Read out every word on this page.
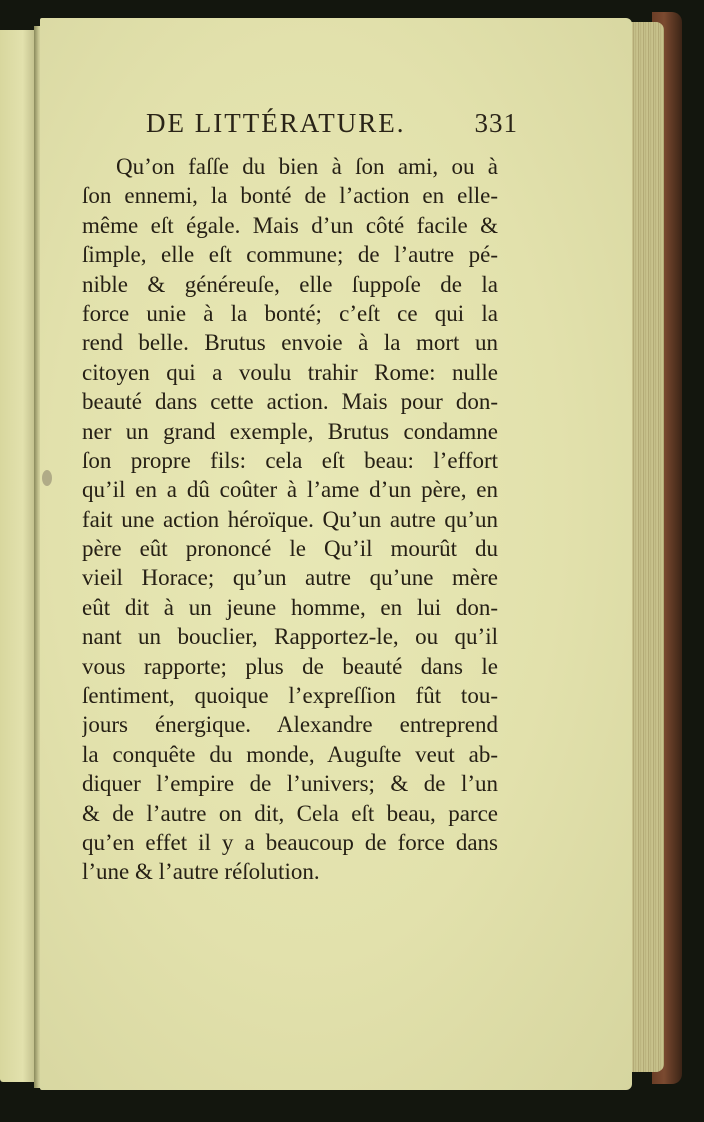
DE LITTÉRATURE.	331
Qu’on faſſe du bien à ſon ami, ou à
ſon ennemi, la bonté de l’action en elle-
même eſt égale. Mais d’un côté facile &
ſimple, elle eſt commune; de l’autre pé-
nible & généreuſe, elle ſuppoſe de la
force unie à la bonté; c’eſt ce qui la
rend belle. Brutus envoie à la mort un
citoyen qui a voulu trahir Rome: nulle
beauté dans cette action. Mais pour don-
ner un grand exemple, Brutus condamne
ſon propre fils: cela eſt beau: l’effort
qu’il en a dû coûter à l’ame d’un père, en
fait une action héroïque. Qu’un autre qu’un
père eût prononcé le Qu’il mourût du
vieil Horace; qu’un autre qu’une mère
eût dit à un jeune homme, en lui don-
nant un bouclier, Rapportez-le, ou qu’il
vous rapporte; plus de beauté dans le
ſentiment, quoique l’expreſſion fût tou-
jours énergique. Alexandre entreprend
la conquête du monde, Auguſte veut ab-
diquer l’empire de l’univers; & de l’un
& de l’autre on dit, Cela eſt beau, parce
qu’en effet il y a beaucoup de force dans
l’une & l’autre réſolution.
